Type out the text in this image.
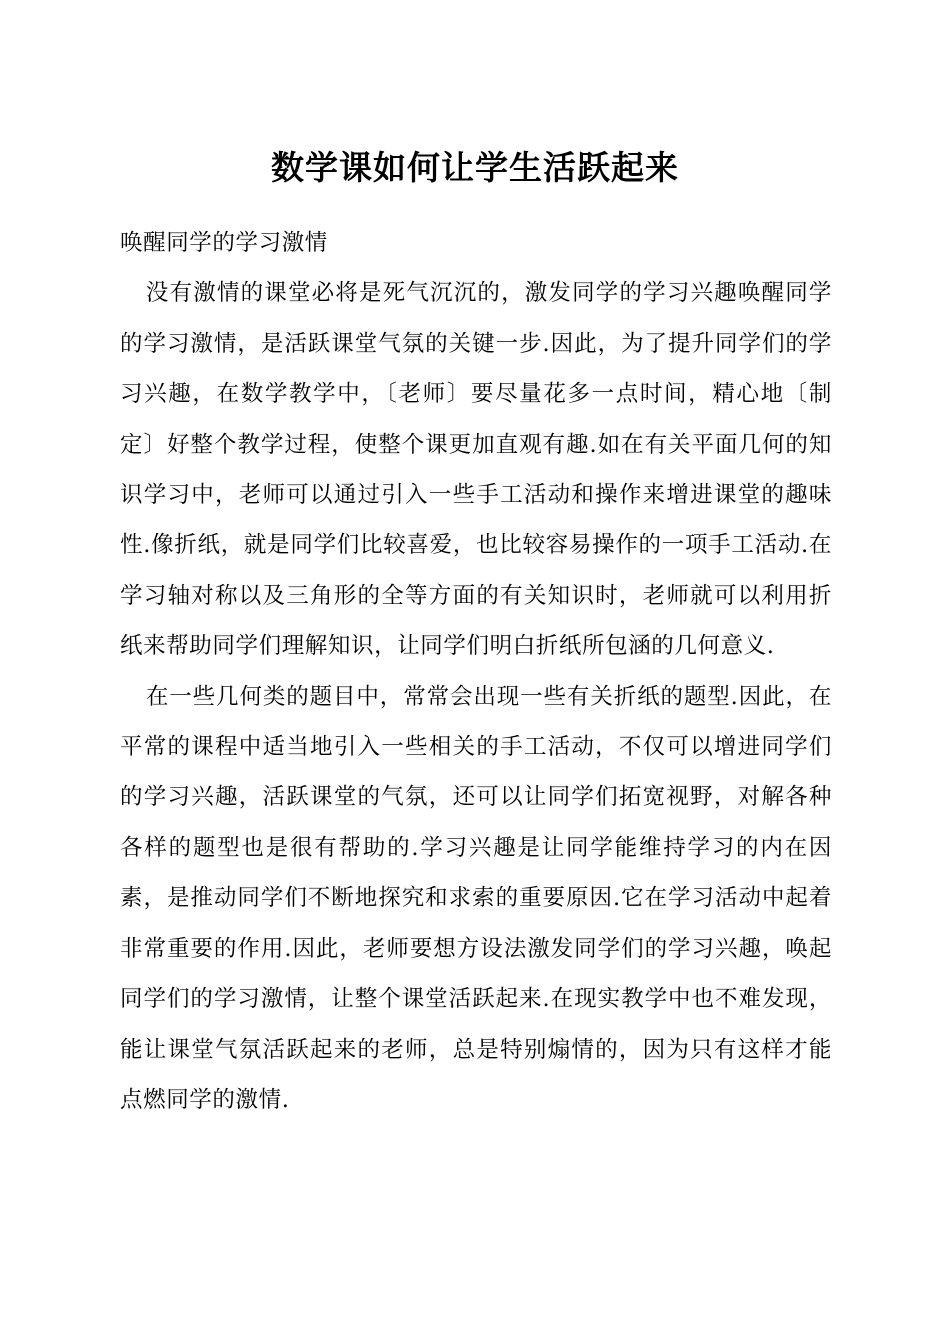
数学课如何让学生活跃起来

唤醒同学的学习激情

没有激情的课堂必将是死气沉沉的，激发同学的学习兴趣唤醒同学的学习激情，是活跃课堂气氛的关键一步.因此，为了提升同学们的学习兴趣，在数学教学中，〔老师〕要尽量花多一点时间，精心地〔制定〕好整个教学过程，使整个课更加直观有趣.如在有关平面几何的知识学习中，老师可以通过引入一些手工活动和操作来增进课堂的趣味性.像折纸，就是同学们比较喜爱，也比较容易操作的一项手工活动.在学习轴对称以及三角形的全等方面的有关知识时，老师就可以利用折纸来帮助同学们理解知识，让同学们明白折纸所包涵的几何意义.

在一些几何类的题目中，常常会出现一些有关折纸的题型.因此，在平常的课程中适当地引入一些相关的手工活动，不仅可以增进同学们的学习兴趣，活跃课堂的气氛，还可以让同学们拓宽视野，对解各种各样的题型也是很有帮助的.学习兴趣是让同学能维持学习的内在因素，是推动同学们不断地探究和求索的重要原因.它在学习活动中起着非常重要的作用.因此，老师要想方设法激发同学们的学习兴趣，唤起同学们的学习激情，让整个课堂活跃起来.在现实教学中也不难发现，能让课堂气氛活跃起来的老师，总是特别煽情的，因为只有这样才能点燃同学的激情.
